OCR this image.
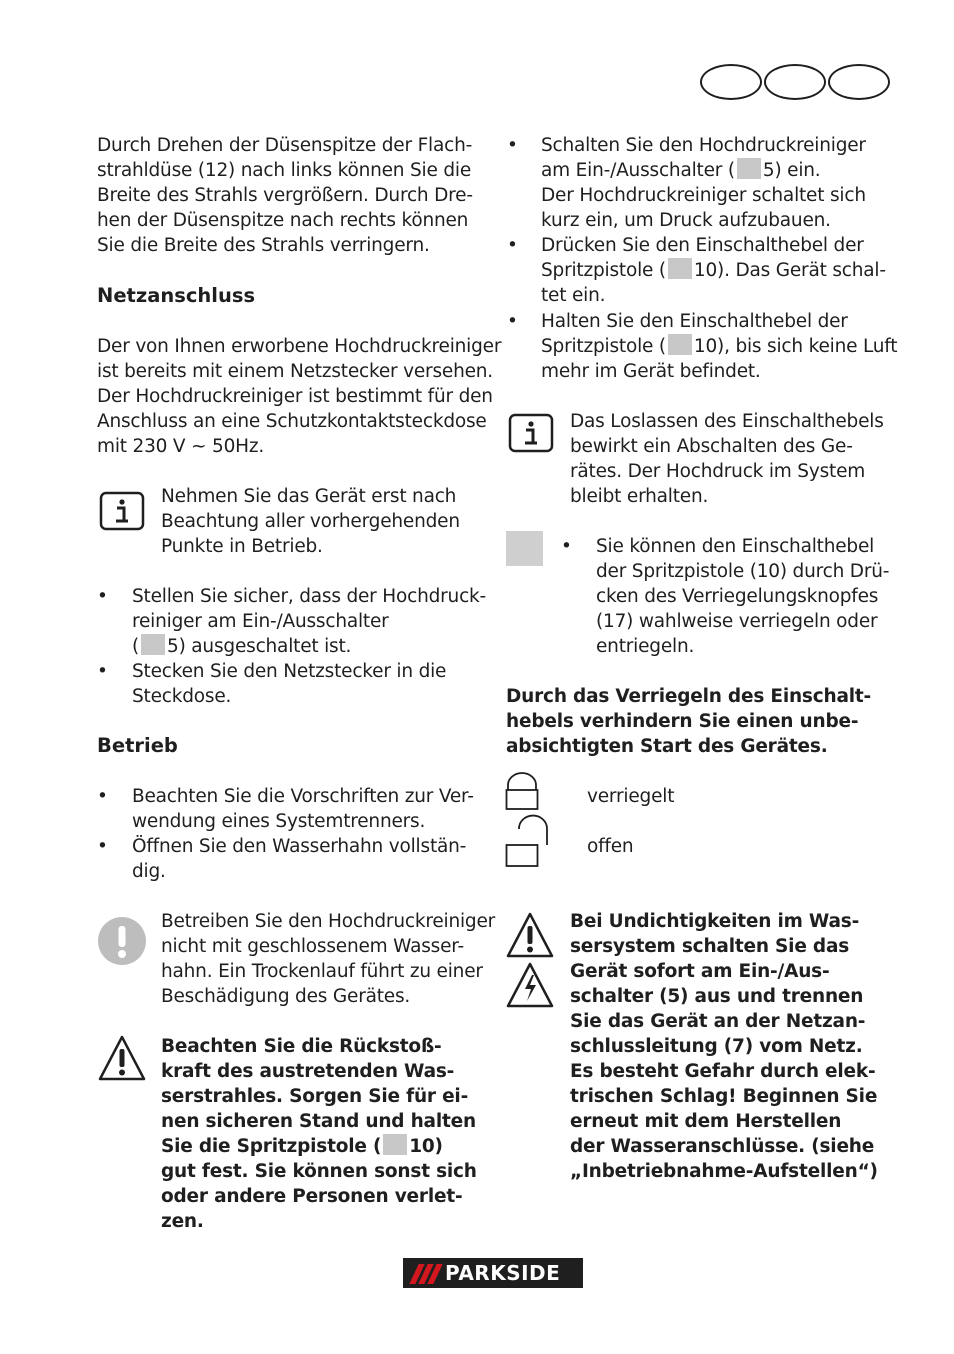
Durch Drehen der Düsenspitze der Flach-
strahldüse (12) nach links können Sie die
Breite des Strahls vergrößern. Durch Dre-
hen der Düsenspitze nach rechts können
Sie die Breite des Strahls verringern.

Netzanschluss

Der von Ihnen erworbene Hochdruckreiniger
ist bereits mit einem Netzstecker versehen.
Der Hochdruckreiniger ist bestimmt für den
Anschluss an eine Schutzkontaktsteckdose
mit 230 V ~ 50Hz.

Nehmen Sie das Gerät erst nach
Beachtung aller vorhergehenden
Punkte in Betrieb.

• Stellen Sie sicher, dass der Hochdruck-
reiniger am Ein-/Ausschalter
( 5) ausgeschaltet ist.

• Stecken Sie den Netzstecker in die
Steckdose.

Betrieb
• Beachten Sie die Vorschriften zur Ver-
wendung eines Systemtrenners.

• Öffnen Sie den Wasserhahn vollstän-
dig.

Betreiben Sie den Hochdruckreiniger
nicht mit geschlossenem Wasser-
hahn. Ein Trockenlauf führt zu einer
Beschädigung des Gerätes.

Beachten Sie die Rückstoß-
kraft des austretenden Was-
serstrahles. Sorgen Sie für ei-
nen sicheren Stand und halten
Sie die Spritzpistole ( 10)
gut fest. Sie können sonst sich
oder andere Personen verlet-
zen.

• Schalten Sie den Hochdruckreiniger
am Ein-/Ausschalter ( 5) ein.
Der Hochdruckreiniger schaltet sich
kurz ein, um Druck aufzubauen.

• Drücken Sie den Einschalthebel der
Spritzpistole ( 10). Das Gerät schal-
tet ein.

• Halten Sie den Einschalthebel der
Spritzpistole ( 10), bis sich keine Luft
mehr im Gerät befindet.

Das Loslassen des Einschalthebels
bewirkt ein Abschalten des Ge-
rätes. Der Hochdruck im System
bleibt erhalten.

• Sie können den Einschalthebel
der Spritzpistole (10) durch Drü-
cken des Verriegelungsknopfes
(17) wahlweise verriegeln oder
entriegeln.

Durch das Verriegeln des Einschalt-
hebels verhindern Sie einen unbe-
absichtigten Start des Gerätes.

verriegelt
offen

Bei Undichtigkeiten im Was-
sersystem schalten Sie das
Gerät sofort am Ein-/Aus-
schalter (5) aus und trennen
Sie das Gerät an der Netzan-
schlussleitung (7) vom Netz.
Es besteht Gefahr durch elek-
trischen Schlag! Beginnen Sie
erneut mit dem Herstellen
der Wasseranschlüsse. (siehe
„Inbetriebnahme-Aufstellen“)

PARKSIDE
